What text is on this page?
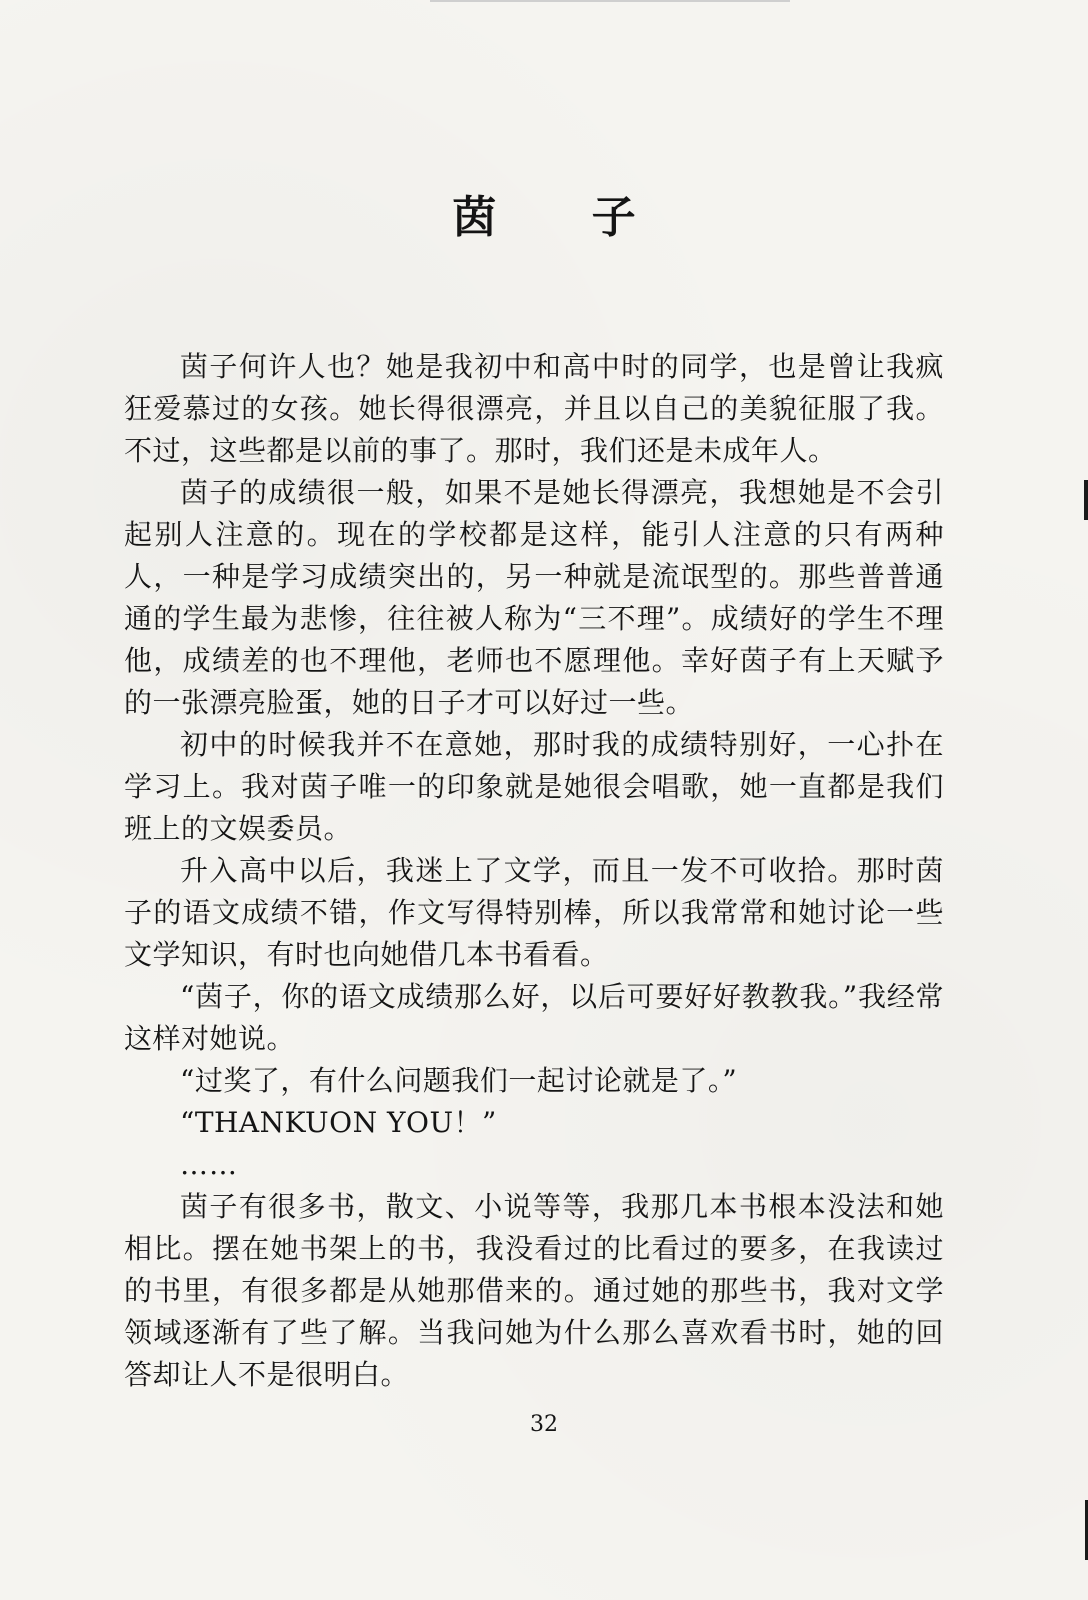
茵 子

茵子何许人也？她是我初中和高中时的同学，也是曾让我疯狂爱慕过的女孩。她长得很漂亮，并且以自己的美貌征服了我。不过，这些都是以前的事了。那时，我们还是未成年人。

茵子的成绩很一般，如果不是她长得漂亮，我想她是不会引起别人注意的。现在的学校都是这样，能引人注意的只有两种人，一种是学习成绩突出的，另一种就是流氓型的。那些普普通通的学生最为悲惨，往往被人称为“三不理”。成绩好的学生不理他，成绩差的也不理他，老师也不愿理他。幸好茵子有上天赋予的一张漂亮脸蛋，她的日子才可以好过一些。

初中的时候我并不在意她，那时我的成绩特别好，一心扑在学习上。我对茵子唯一的印象就是她很会唱歌，她一直都是我们班上的文娱委员。

升入高中以后，我迷上了文学，而且一发不可收拾。那时茵子的语文成绩不错，作文写得特别棒，所以我常常和她讨论一些文学知识，有时也向她借几本书看看。

“茵子，你的语文成绩那么好，以后可要好好教教我。”我经常这样对她说。

“过奖了，有什么问题我们一起讨论就是了。”

“THANKUON YOU！”

……

茵子有很多书，散文、小说等等，我那几本书根本没法和她相比。摆在她书架上的书，我没看过的比看过的要多，在我读过的书里，有很多都是从她那借来的。通过她的那些书，我对文学领域逐渐有了些了解。当我问她为什么那么喜欢看书时，她的回答却让人不是很明白。

32
